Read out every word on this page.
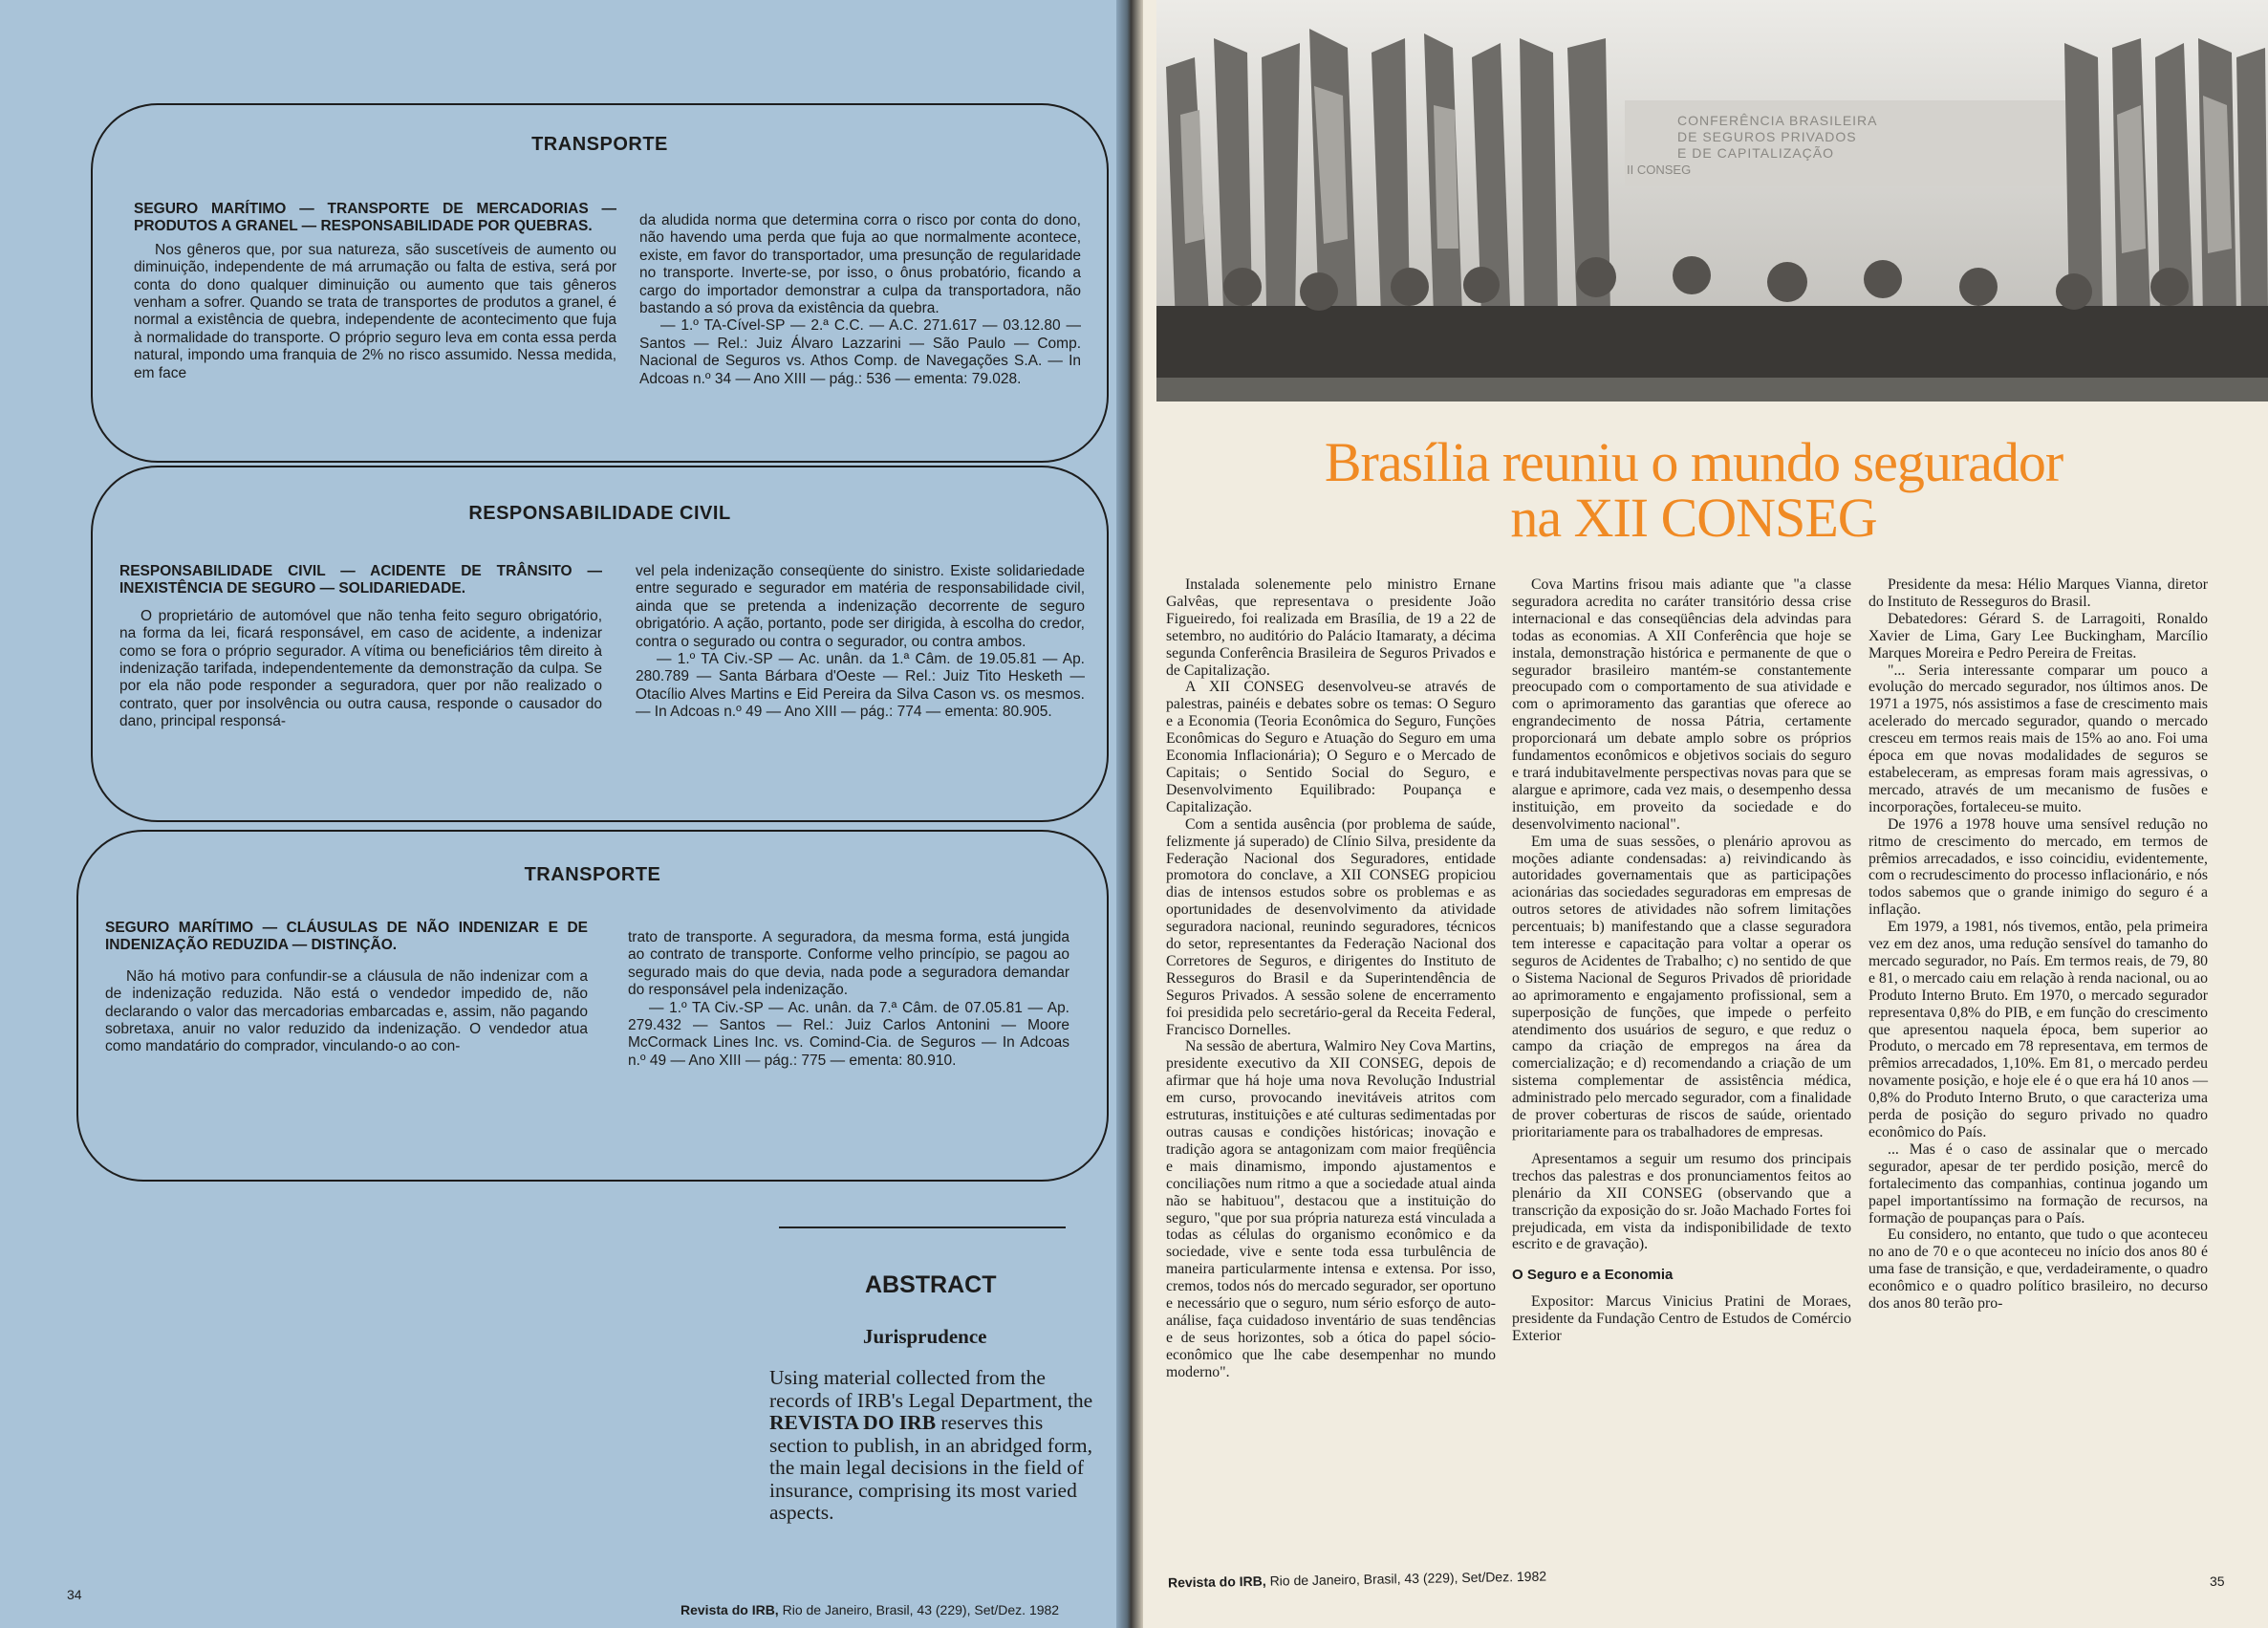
TRANSPORTE

SEGURO MARÍTIMO — TRANSPORTE DE MERCADORIAS — PRODUTOS A GRANEL — RESPONSABILIDADE POR QUEBRAS.

Nos gêneros que, por sua natureza, são suscetíveis de aumento ou diminuição, independente de má arrumação ou falta de estiva, será por conta do dono qualquer diminuição ou aumento que tais gêneros venham a sofrer. Quando se trata de transportes de produtos a granel, é normal a existência de quebra, independente de acontecimento que fuja à normalidade do transporte. O próprio seguro leva em conta essa perda natural, impondo uma franquia de 2% no risco assumido. Nessa medida, em face

da aludida norma que determina corra o risco por conta do dono, não havendo uma perda que fuja ao que normalmente acontece, existe, em favor do transportador, uma presunção de regularidade no transporte. Inverte-se, por isso, o ônus probatório, ficando a cargo do importador demonstrar a culpa da transportadora, não bastando a só prova da existência da quebra.

— 1.º TA-Cível-SP — 2.ª C.C. — A.C. 271.617 — 03.12.80 — Santos — Rel.: Juiz Álvaro Lazzarini — São Paulo — Comp. Nacional de Seguros vs. Athos Comp. de Navegações S.A. — In Adcoas n.º 34 — Ano XIII — pág.: 536 — ementa: 79.028.

RESPONSABILIDADE CIVIL

RESPONSABILIDADE CIVIL — ACIDENTE DE TRÂNSITO — INEXISTÊNCIA DE SEGURO — SOLIDARIEDADE.

O proprietário de automóvel que não tenha feito seguro obrigatório, na forma da lei, ficará responsável, em caso de acidente, a indenizar como se fora o próprio segurador. A vítima ou beneficiários têm direito à indenização tarifada, independentemente da demonstração da culpa. Se por ela não pode responder a seguradora, quer por não realizado o contrato, quer por insolvência ou outra causa, responde o causador do dano, principal responsá-

vel pela indenização conseqüente do sinistro. Existe solidariedade entre segurado e segurador em matéria de responsabilidade civil, ainda que se pretenda a indenização decorrente de seguro obrigatório. A ação, portanto, pode ser dirigida, à escolha do credor, contra o segurado ou contra o segurador, ou contra ambos.

— 1.º TA Civ.-SP — Ac. unân. da 1.ª Câm. de 19.05.81 — Ap. 280.789 — Santa Bárbara d'Oeste — Rel.: Juiz Tito Hesketh — Otacílio Alves Martins e Eid Pereira da Silva Cason vs. os mesmos. — In Adcoas n.º 49 — Ano XIII — pág.: 774 — ementa: 80.905.

TRANSPORTE

SEGURO MARÍTIMO — CLÁUSULAS DE NÃO INDENIZAR E DE INDENIZAÇÃO REDUZIDA — DISTINÇÃO.

Não há motivo para confundir-se a cláusula de não indenizar com a de indenização reduzida. Não está o vendedor impedido de, não declarando o valor das mercadorias embarcadas e, assim, não pagando sobretaxa, anuir no valor reduzido da indenização. O vendedor atua como mandatário do comprador, vinculando-o ao con-

trato de transporte. A seguradora, da mesma forma, está jungida ao contrato de transporte. Conforme velho princípio, se pagou ao segurado mais do que devia, nada pode a seguradora demandar do responsável pela indenização.

— 1.º TA Civ.-SP — Ac. unân. da 7.ª Câm. de 07.05.81 — Ap. 279.432 — Santos — Rel.: Juiz Carlos Antonini — Moore McCormack Lines Inc. vs. Comind-Cia. de Seguros — In Adcoas n.º 49 — Ano XIII — pág.: 775 — ementa: 80.910.

ABSTRACT
Jurisprudence
Using material collected from the records of IRB's Legal Department, the REVISTA DO IRB reserves this section to publish, in an abridged form, the main legal decisions in the field of insurance, comprising its most varied aspects.
34
Revista do IRB, Rio de Janeiro, Brasil, 43 (229), Set/Dez. 1982
CONFERÊNCIA BRASILEIRA
DE SEGUROS PRIVADOS
E DE CAPITALIZAÇÃO
II CONSEG
Brasília reuniu o mundo segurador
na XII CONSEG

Instalada solenemente pelo ministro Ernane Galvêas, que representava o presidente João Figueiredo, foi realizada em Brasília, de 19 a 22 de setembro, no auditório do Palácio Itamaraty, a décima segunda Conferência Brasileira de Seguros Privados e de Capitalização.

A XII CONSEG desenvolveu-se através de palestras, painéis e debates sobre os temas: O Seguro e a Economia (Teoria Econômica do Seguro, Funções Econômicas do Seguro e Atuação do Seguro em uma Economia Inflacionária); O Seguro e o Mercado de Capitais; o Sentido Social do Seguro, e Desenvolvimento Equilibrado: Poupança e Capitalização.

Com a sentida ausência (por problema de saúde, felizmente já superado) de Clínio Silva, presidente da Federação Nacional dos Seguradores, entidade promotora do conclave, a XII CONSEG propiciou dias de intensos estudos sobre os problemas e as oportunidades de desenvolvimento da atividade seguradora nacional, reunindo seguradores, técnicos do setor, representantes da Federação Nacional dos Corretores de Seguros, e dirigentes do Instituto de Resseguros do Brasil e da Superintendência de Seguros Privados. A sessão solene de encerramento foi presidida pelo secretário-geral da Receita Federal, Francisco Dornelles.

Na sessão de abertura, Walmiro Ney Cova Martins, presidente executivo da XII CONSEG, depois de afirmar que há hoje uma nova Revolução Industrial em curso, provocando inevitáveis atritos com estruturas, instituições e até culturas sedimentadas por outras causas e condições históricas; inovação e tradição agora se antagonizam com maior freqüência e mais dinamismo, impondo ajustamentos e conciliações num ritmo a que a sociedade atual ainda não se habituou", destacou que a instituição do seguro, "que por sua própria natureza está vinculada a todas as células do organismo econômico e da sociedade, vive e sente toda essa turbulência de maneira particularmente intensa e extensa. Por isso, cremos, todos nós do mercado segurador, ser oportuno e necessário que o seguro, num sério esforço de auto-análise, faça cuidadoso inventário de suas tendências e de seus horizontes, sob a ótica do papel sócio-econômico que lhe cabe desempenhar no mundo moderno".

Cova Martins frisou mais adiante que "a classe seguradora acredita no caráter transitório dessa crise internacional e das conseqüências dela advindas para todas as economias. A XII Conferência que hoje se instala, demonstração histórica e permanente de que o segurador brasileiro mantém-se constantemente preocupado com o comportamento de sua atividade e com o aprimoramento das garantias que oferece ao engrandecimento de nossa Pátria, certamente proporcionará um debate amplo sobre os próprios fundamentos econômicos e objetivos sociais do seguro e trará indubitavelmente perspectivas novas para que se alargue e aprimore, cada vez mais, o desempenho dessa instituição, em proveito da sociedade e do desenvolvimento nacional".

Em uma de suas sessões, o plenário aprovou as moções adiante condensadas: a) reivindicando às autoridades governamentais que as participações acionárias das sociedades seguradoras em empresas de outros setores de atividades não sofrem limitações percentuais; b) manifestando que a classe seguradora tem interesse e capacitação para voltar a operar os seguros de Acidentes de Trabalho; c) no sentido de que o Sistema Nacional de Seguros Privados dê prioridade ao aprimoramento e engajamento profissional, sem a superposição de funções, que impede o perfeito atendimento dos usuários de seguro, e que reduz o campo da criação de empregos na área da comercialização; e d) recomendando a criação de um sistema complementar de assistência médica, administrado pelo mercado segurador, com a finalidade de prover coberturas de riscos de saúde, orientado prioritariamente para os trabalhadores de empresas.

Apresentamos a seguir um resumo dos principais trechos das palestras e dos pronunciamentos feitos ao plenário da XII CONSEG (observando que a transcrição da exposição do sr. João Machado Fortes foi prejudicada, em vista da indisponibilidade de texto escrito e de gravação).

O Seguro e a Economia

Expositor: Marcus Vinicius Pratini de Moraes, presidente da Fundação Centro de Estudos de Comércio Exterior

Presidente da mesa: Hélio Marques Vianna, diretor do Instituto de Resseguros do Brasil.

Debatedores: Gérard S. de Larragoiti, Ronaldo Xavier de Lima, Gary Lee Buckingham, Marcílio Marques Moreira e Pedro Pereira de Freitas.

"... Seria interessante comparar um pouco a evolução do mercado segurador, nos últimos anos. De 1971 a 1975, nós assistimos a fase de crescimento mais acelerado do mercado segurador, quando o mercado cresceu em termos reais mais de 15% ao ano. Foi uma época em que novas modalidades de seguros se estabeleceram, as empresas foram mais agressivas, o mercado, através de um mecanismo de fusões e incorporações, fortaleceu-se muito.

De 1976 a 1978 houve uma sensível redução no ritmo de crescimento do mercado, em termos de prêmios arrecadados, e isso coincidiu, evidentemente, com o recrudescimento do processo inflacionário, e nós todos sabemos que o grande inimigo do seguro é a inflação.

Em 1979, a 1981, nós tivemos, então, pela primeira vez em dez anos, uma redução sensível do tamanho do mercado segurador, no País. Em termos reais, de 79, 80 e 81, o mercado caiu em relação à renda nacional, ou ao Produto Interno Bruto. Em 1970, o mercado segurador representava 0,8% do PIB, e em função do crescimento que apresentou naquela época, bem superior ao Produto, o mercado em 78 representava, em termos de prêmios arrecadados, 1,10%. Em 81, o mercado perdeu novamente posição, e hoje ele é o que era há 10 anos — 0,8% do Produto Interno Bruto, o que caracteriza uma perda de posição do seguro privado no quadro econômico do País.

... Mas é o caso de assinalar que o mercado segurador, apesar de ter perdido posição, mercê do fortalecimento das companhias, continua jogando um papel importantíssimo na formação de recursos, na formação de poupanças para o País.

Eu considero, no entanto, que tudo o que aconteceu no ano de 70 e o que aconteceu no início dos anos 80 é uma fase de transição, e que, verdadeiramente, o quadro econômico e o quadro político brasileiro, no decurso dos anos 80 terão pro-

Revista do IRB, Rio de Janeiro, Brasil, 43 (229), Set/Dez. 1982	35
